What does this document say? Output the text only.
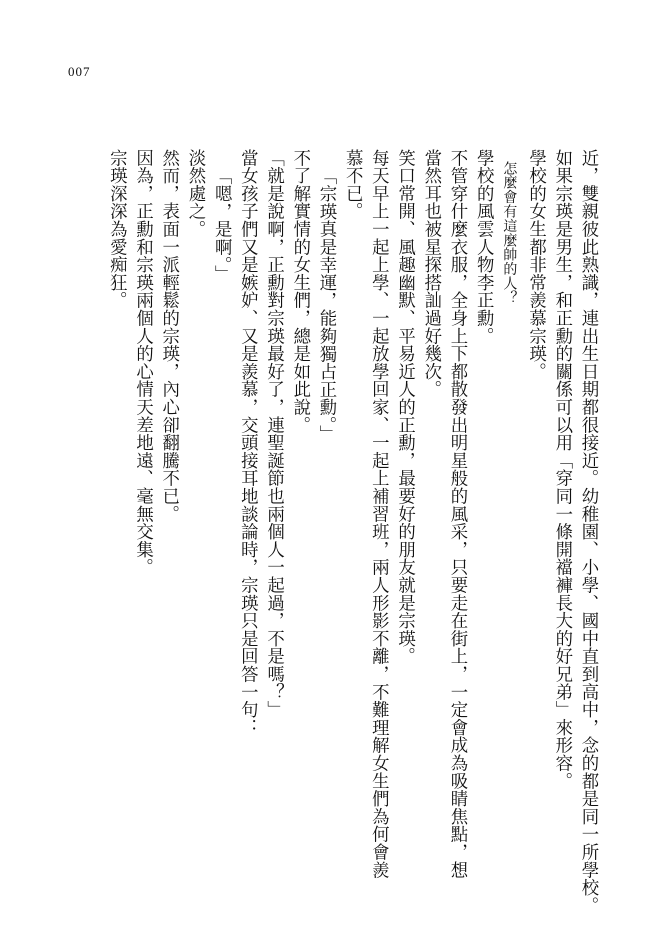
007

近，雙親彼此熟識，連出生日期都很接近。幼稚園、小學、國中直到高中，念的都是同一所學校。

如果宗瑛是男生，和正勳的關係可以用「穿同一條開襠褲長大的好兄弟」來形容。

學校的女生都非常羨慕宗瑛。

怎麼會有這麼帥的人？

學校的風雲人物李正勳。

不管穿什麼衣服，全身上下都散發出明星般的風采，只要走在街上，一定會成為吸睛焦點，想

當然耳也被星探搭訕過好幾次。

笑口常開、風趣幽默、平易近人的正勳，最要好的朋友就是宗瑛。

每天早上一起上學、一起放學回家、一起上補習班，兩人形影不離，不難理解女生們為何會羨

慕不已。

「宗瑛真是幸運，能夠獨占正勳。」

不了解實情的女生們，總是如此說。

「就是說啊，正勳對宗瑛最好了，連聖誕節也兩個人一起過，不是嗎？」

當女孩子們又是嫉妒、又是羨慕，交頭接耳地談論時，宗瑛只是回答一句：

「嗯，是啊。」

淡然處之。

然而，表面一派輕鬆的宗瑛，內心卻翻騰不已。

因為，正勳和宗瑛兩個人的心情天差地遠、毫無交集。

宗瑛深深為愛痴狂。
